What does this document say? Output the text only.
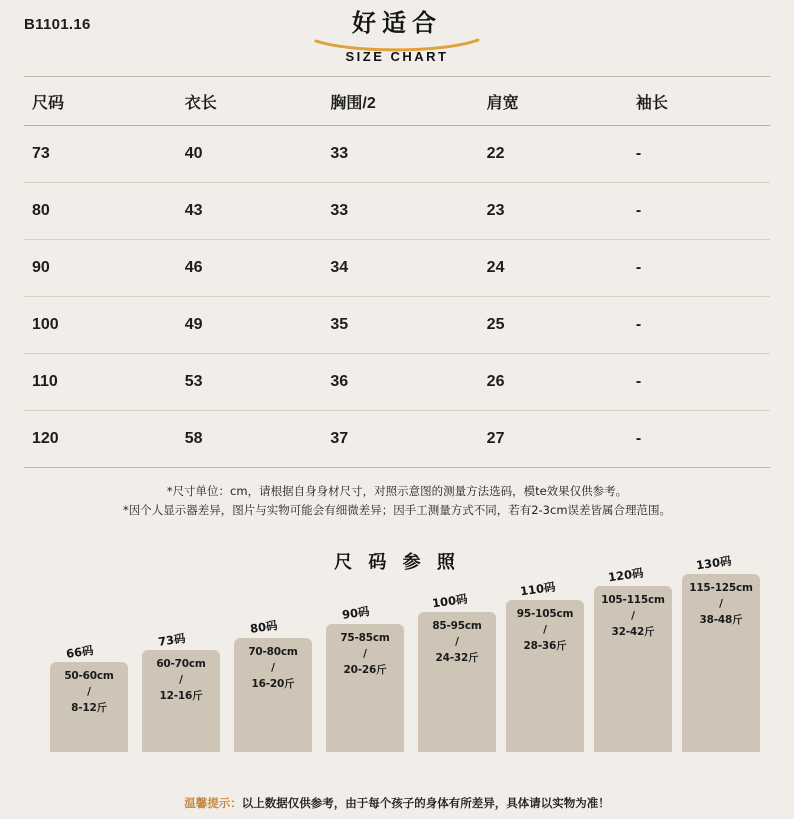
B1101.16	好适合
SIZE CHART
尺码	衣长	胸围/2	肩宽	袖长
73	40	33	22	-
80	43	33	23	-
90	46	34	24	-
100	49	35	25	-
110	53	36	26	-
120	58	37	27	-
*尺寸单位：cm，请根据自身身材尺寸，对照示意图的测量方法选码，模te效果仅供参考。
*因个人显示器差异，图片与实物可能会有细微差异；因手工测量方式不同，若有2-3cm误差皆属合理范围。
尺 码 参 照
50-60cm
/
8-12斤
66码
60-70cm
/
12-16斤
73码
70-80cm
/
16-20斤
80码
75-85cm
/
20-26斤
90码
85-95cm
/
24-32斤
100码
95-105cm
/
28-36斤
110码
105-115cm
/
32-42斤
120码
115-125cm
/
38-48斤
130码
温馨提示：以上数据仅供参考，由于每个孩子的身体有所差异，具体请以实物为准！
